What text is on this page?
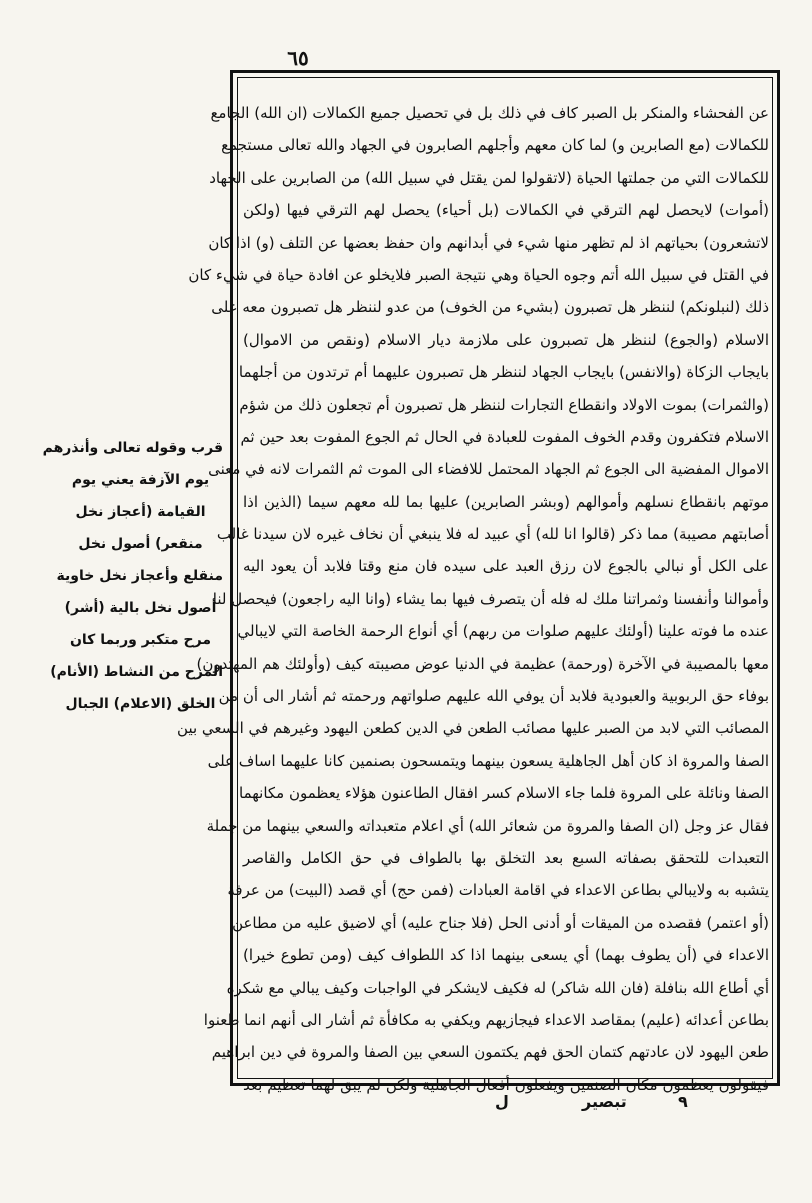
٦٥
عن الفحشاء والمنكر بل الصبر كاف في ذلك بل في تحصيل جميع الكمالات (ان الله) الجامع
للكمالات (مع الصابرين و) لما كان معهم وأجلهم الصابرون في الجهاد والله تعالى مستجمع
للكمالات التي من جملتها الحياة (لاتقولوا لمن يقتل في سبيل الله) من الصابرين على الجهاد
(أموات) لايحصل لهم الترقي في الكمالات (بل أحياء) يحصل لهم الترقي فيها (ولكن
لاتشعرون) بحياتهم اذ لم تظهر منها شيء في أبدانهم وان حفظ بعضها عن التلف (و) اذا كان
في القتل في سبيل الله أتم وجوه الحياة وهي نتيجة الصبر فلايخلو عن افادة حياة في شيء كان
ذلك (لنبلونكم) لننظر هل تصبرون (بشيء من الخوف) من عدو لننظر هل تصبرون معه على
الاسلام (والجوع) لننظر هل تصبرون على ملازمة ديار الاسلام (ونقص من الاموال)
بايجاب الزكاة (والانفس) بايجاب الجهاد لننظر هل تصبرون عليهما أم ترتدون من أجلهما
(والثمرات) بموت الاولاد وانقطاع التجارات لننظر هل تصبرون أم تجعلون ذلك من شؤم
الاسلام فتكفرون وقدم الخوف المفوت للعبادة في الحال ثم الجوع المفوت بعد حين ثم
الاموال المفضية الى الجوع ثم الجهاد المحتمل للافضاء الى الموت ثم الثمرات لانه في معنى
موتهم بانقطاع نسلهم وأموالهم (وبشر الصابرين) عليها بما لله معهم سيما (الذين اذا
أصابتهم مصيبة) مما ذكر (قالوا انا لله) أي عبيد له فلا ينبغي أن نخاف غيره لان سيدنا غالب
على الكل أو نبالي بالجوع لان رزق العبد على سيده فان منع وقتا فلابد أن يعود اليه
وأموالنا وأنفسنا وثمراتنا ملك له فله أن يتصرف فيها بما يشاء (وانا اليه راجعون) فيحصل لنا
عنده ما فوته علينا (أولئك عليهم صلوات من ربهم) أي أنواع الرحمة الخاصة التي لايبالي
معها بالمصيبة في الآخرة (ورحمة) عظيمة في الدنيا عوض مصيبته كيف (وأولئك هم المهتدون)
بوفاء حق الربوبية والعبودية فلابد أن يوفي الله عليهم صلواتهم ورحمته ثم أشار الى أن من
المصائب التي لابد من الصبر عليها مصائب الطعن في الدين كطعن اليهود وغيرهم في السعي بين
الصفا والمروة اذ كان أهل الجاهلية يسعون بينهما ويتمسحون بصنمين كانا عليهما اساف على
الصفا ونائلة على المروة فلما جاء الاسلام كسر افقال الطاعنون هؤلاء يعظمون مكانهما
فقال عز وجل (ان الصفا والمروة من شعائر الله) أي اعلام متعبداته والسعي بينهما من جملة
التعبدات للتحقق بصفاته السبع بعد التخلق بها بالطواف في حق الكامل والقاصر
يتشبه به ولايبالي بطاعن الاعداء في اقامة العبادات (فمن حج) أي قصد (البيت) من عرفة
(أو اعتمر) فقصده من الميقات أو أدنى الحل (فلا جناح عليه) أي لاضيق عليه من مطاعن
الاعداء في (أن يطوف بهما) أي يسعى بينهما اذا كد اللطواف كيف (ومن تطوع خيرا)
أي أطاع الله بنافلة (فان الله شاكر) له فكيف لايشكر في الواجبات وكيف يبالي مع شكره
بطاعن أعدائه (عليم) بمقاصد الاعداء فيجازيهم ويكفي به مكافأة ثم أشار الى أنهم انما طعنوا
طعن اليهود لان عادتهم كتمان الحق فهم يكتمون السعي بين الصفا والمروة في دين ابراهيم
فيقولون يعظمون مكان الصنمين ويفعلون أفعال الجاهلية ولكن لم يبق لهما تعظيم بعد
قرب وقوله تعالى وأنذرهم
يوم الآزفة يعني يوم
القيامة (أعجاز نخل
منقعر) أصول نخل
منقلع وأعجاز نخل خاوية
أصول نخل بالية (أشر)
مرح متكبر وربما كان
المرح من النشاط (الأنام)
الخلق (الاعلام) الجبال
٩
تبصير
ل
